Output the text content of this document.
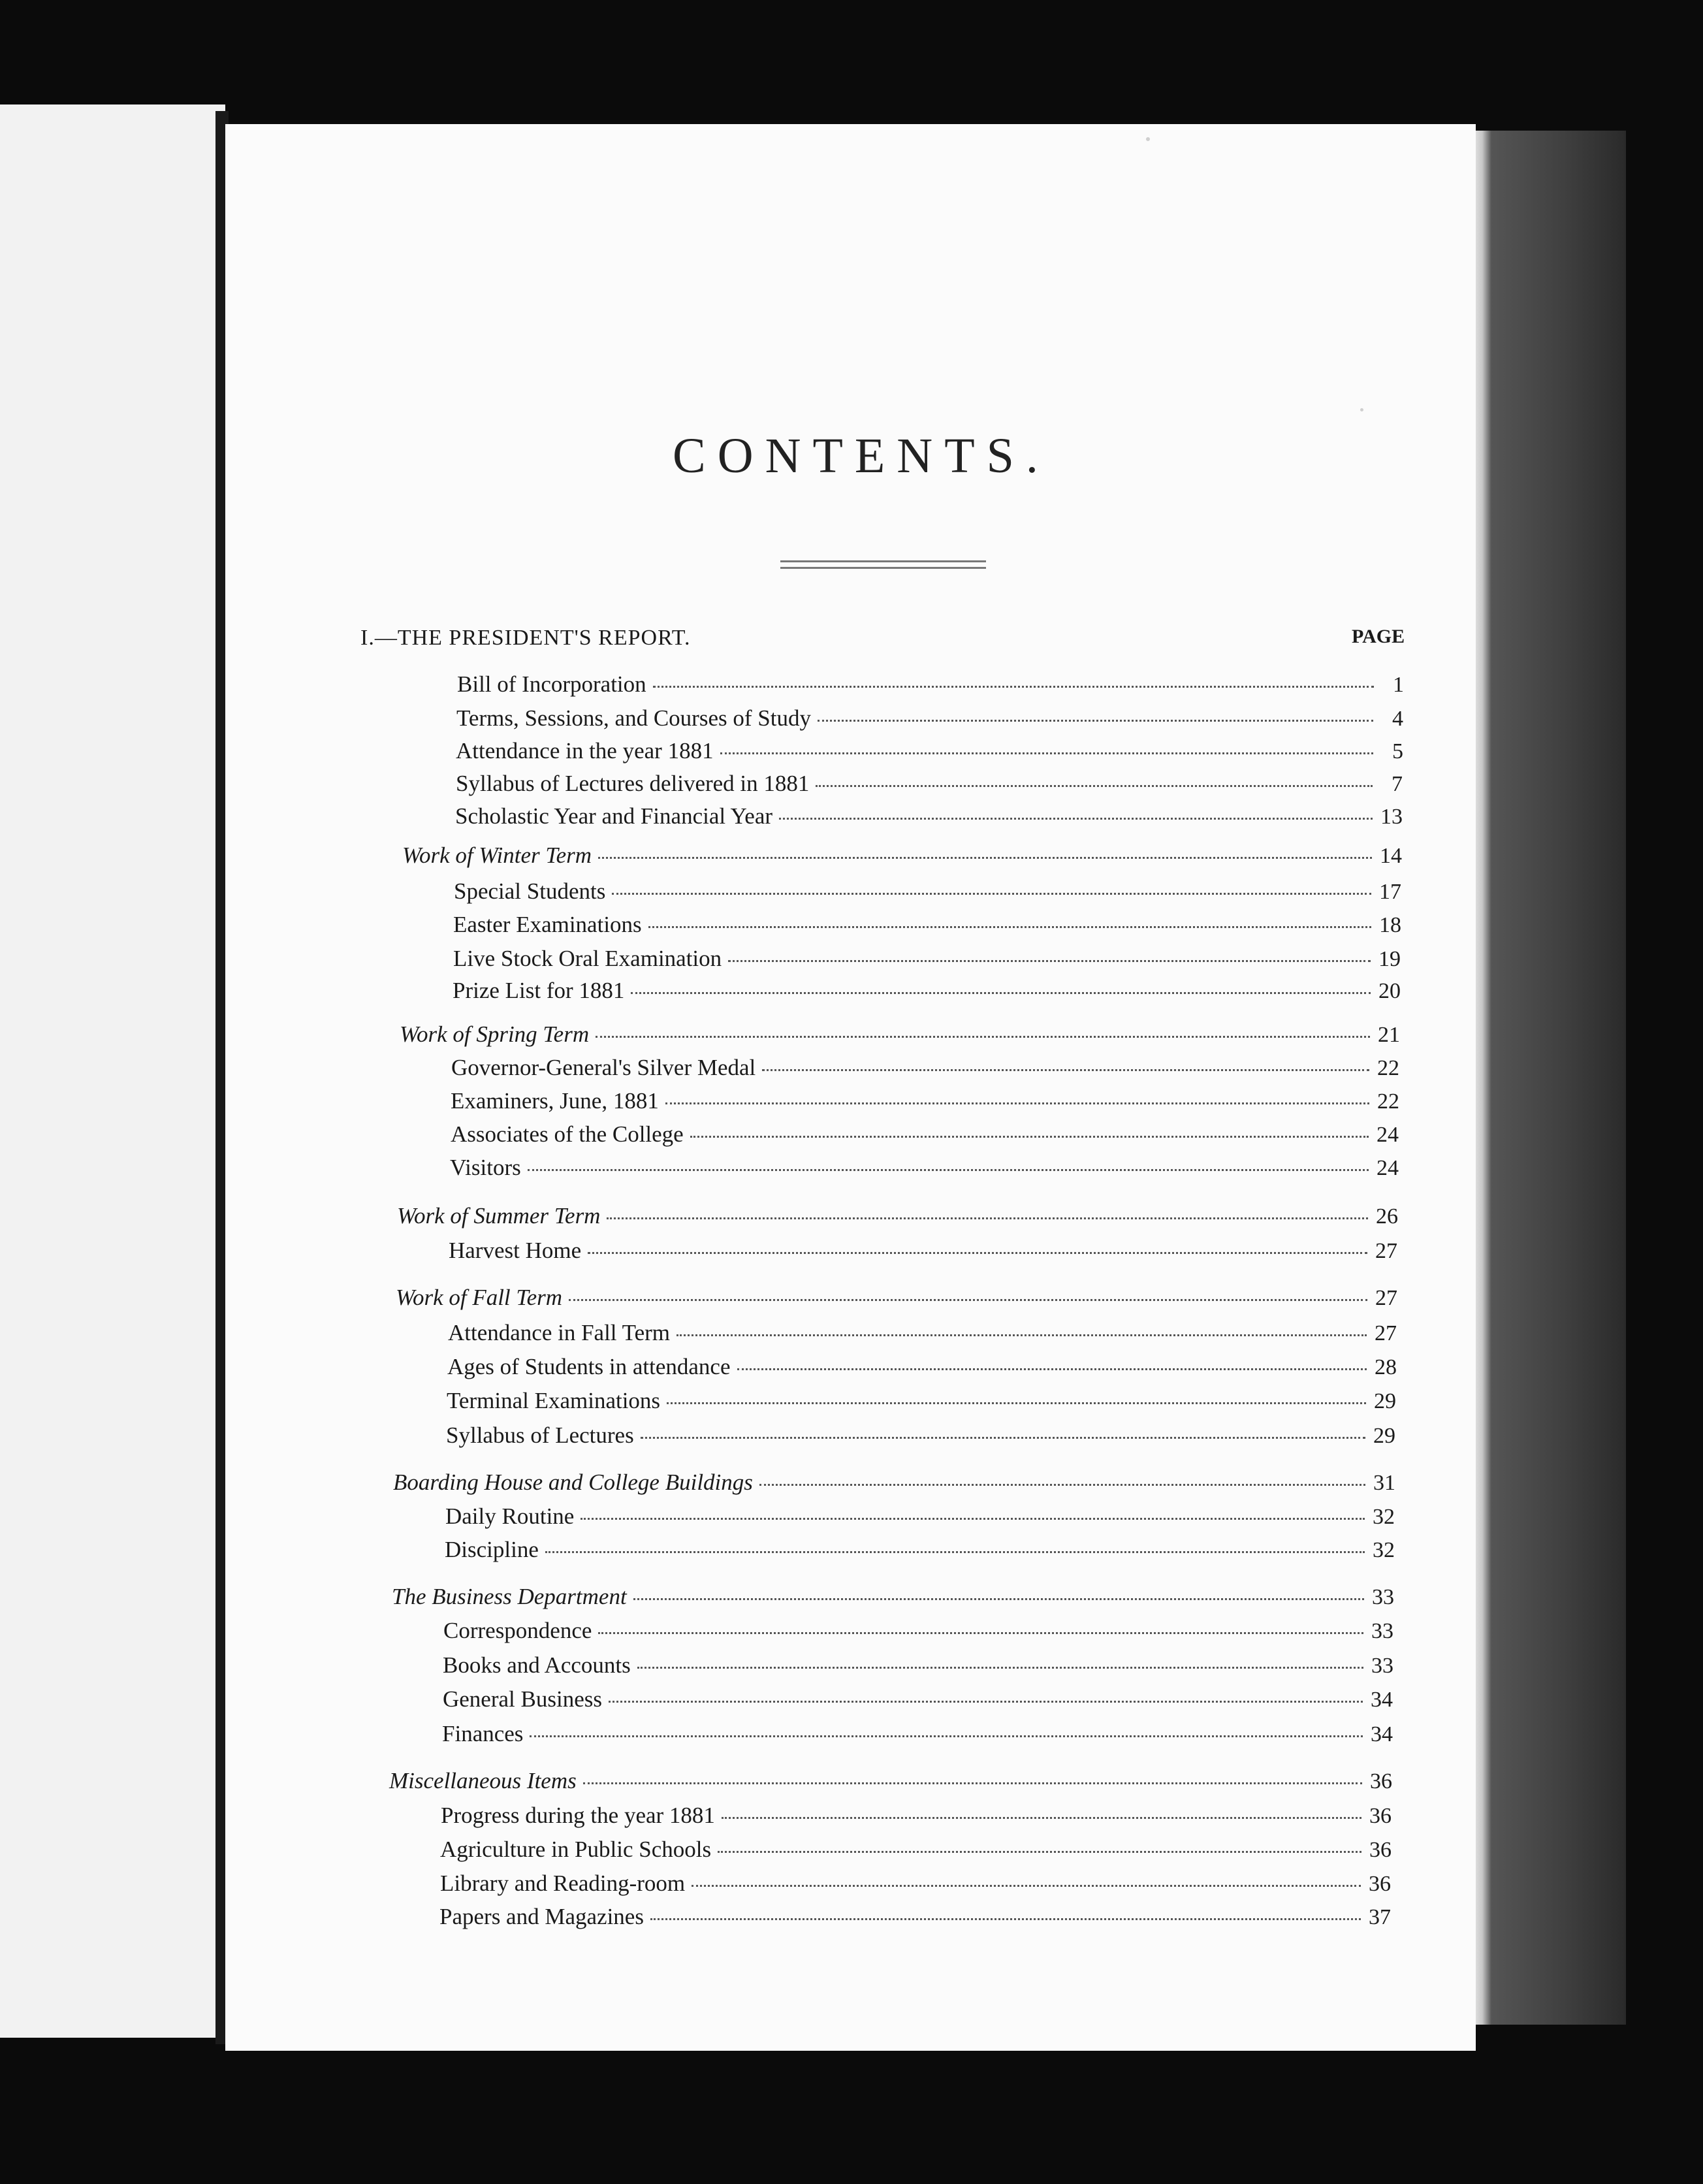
CONTENTS.
I.—THE PRESIDENT'S REPORT.	PAGE
Bill of Incorporation	1
Terms, Sessions, and Courses of Study	4
Attendance in the year 1881	5
Syllabus of Lectures delivered in 1881	7
Scholastic Year and Financial Year	13
Work of Winter Term	14
Special Students	17
Easter Examinations	18
Live Stock Oral Examination	19
Prize List for 1881	20
Work of Spring Term	21
Governor-General's Silver Medal	22
Examiners, June, 1881	22
Associates of the College	24
Visitors	24
Work of Summer Term	26
Harvest Home	27
Work of Fall Term	27
Attendance in Fall Term	27
Ages of Students in attendance	28
Terminal Examinations	29
Syllabus of Lectures	29
Boarding House and College Buildings	31
Daily Routine	32
Discipline	32
The Business Department	33
Correspondence	33
Books and Accounts	33
General Business	34
Finances	34
Miscellaneous Items	36
Progress during the year 1881	36
Agriculture in Public Schools	36
Library and Reading-room	36
Papers and Magazines	37
